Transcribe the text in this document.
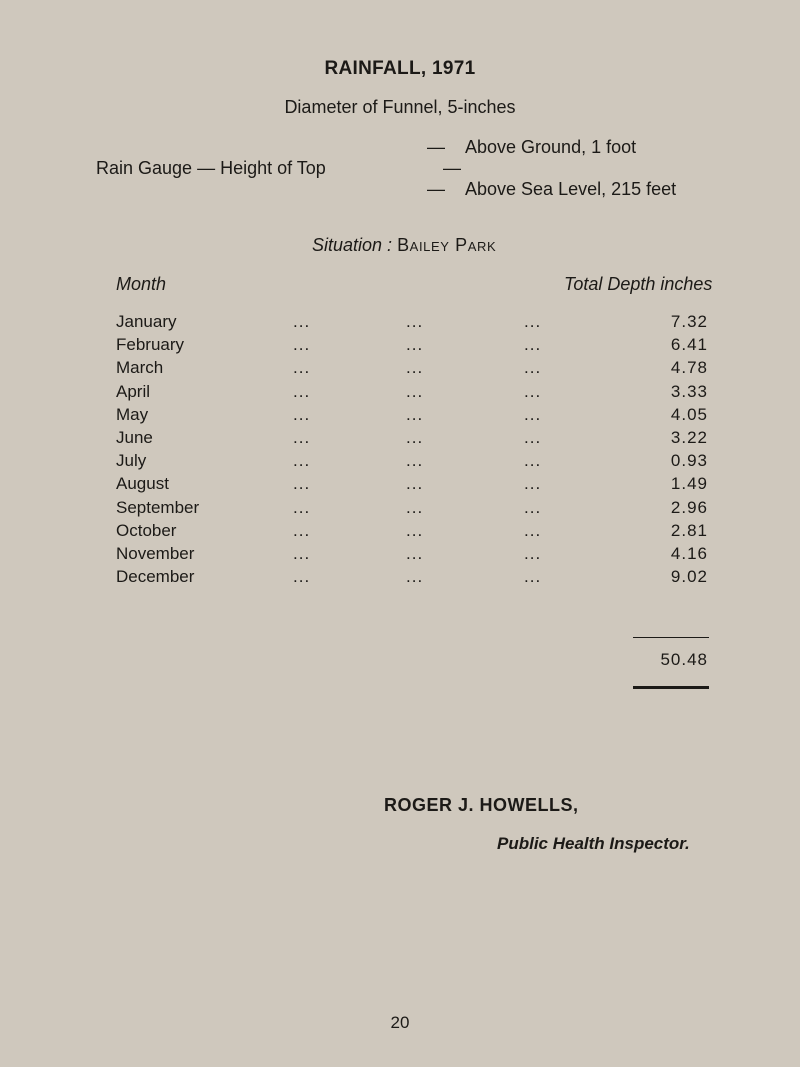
RAINFALL, 1971
Diameter of Funnel, 5-inches
— Above Ground, 1 foot
Rain Gauge — Height of Top	—
— Above Sea Level, 215 feet
Situation : Bailey Park
Month	Total Depth inches
January	...	...	...	7.32
February	...	...	...	6.41
March	...	...	...	4.78
April	...	...	...	3.33
May	...	...	...	4.05
June	...	...	...	3.22
July	...	...	...	0.93
August	...	...	...	1.49
September	...	...	...	2.96
October	...	...	...	2.81
November	...	...	...	4.16
December	...	...	...	9.02
50.48
ROGER J. HOWELLS,
Public Health Inspector.
20
